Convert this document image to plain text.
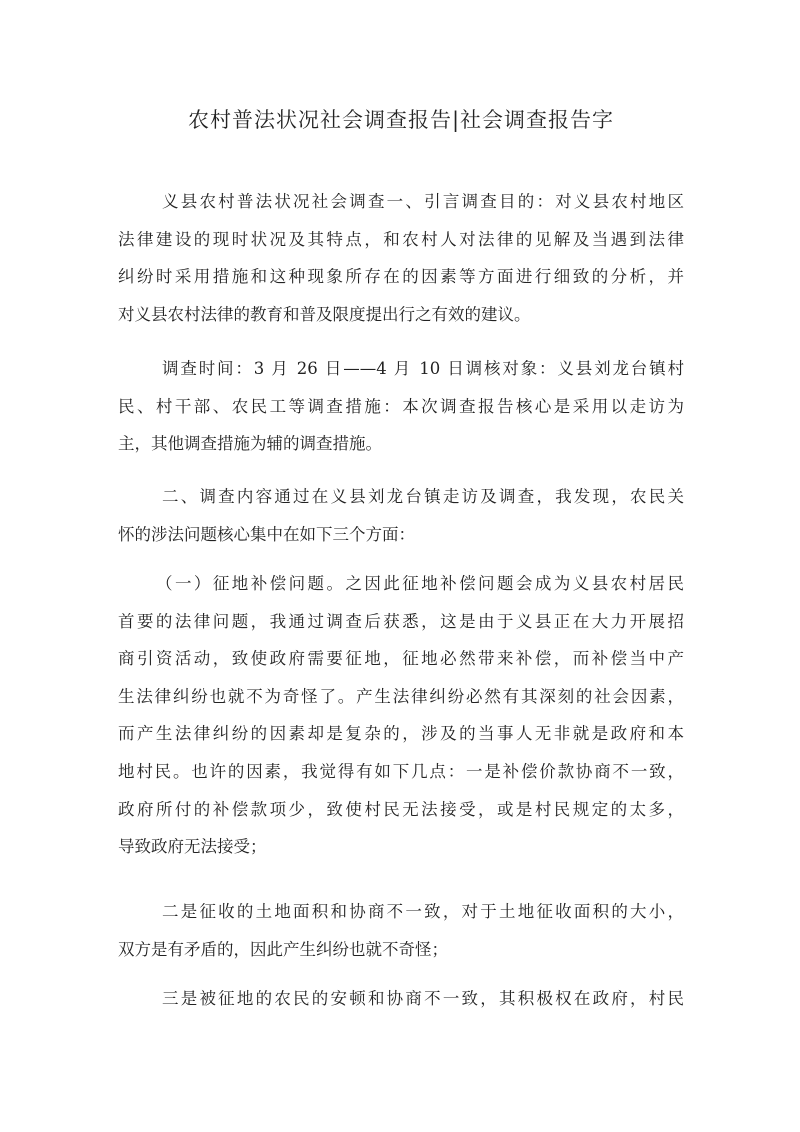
农村普法状况社会调查报告|社会调查报告字

义县农村普法状况社会调查一、引言调查目的：对义县农村地区
法律建设的现时状况及其特点，和农村人对法律的见解及当遇到法律
纠纷时采用措施和这种现象所存在的因素等方面进行细致的分析，并
对义县农村法律的教育和普及限度提出行之有效的建议。

调查时间：3 月 26 日——4 月 10 日调核对象：义县刘龙台镇村
民、村干部、农民工等调查措施：本次调查报告核心是采用以走访为
主，其他调查措施为辅的调查措施。

二、调查内容通过在义县刘龙台镇走访及调查，我发现，农民关
怀的涉法问题核心集中在如下三个方面：

（一）征地补偿问题。之因此征地补偿问题会成为义县农村居民
首要的法律问题，我通过调查后获悉，这是由于义县正在大力开展招
商引资活动，致使政府需要征地，征地必然带来补偿，而补偿当中产
生法律纠纷也就不为奇怪了。产生法律纠纷必然有其深刻的社会因素，
而产生法律纠纷的因素却是复杂的，涉及的当事人无非就是政府和本
地村民。也许的因素，我觉得有如下几点：一是补偿价款协商不一致，
政府所付的补偿款项少，致使村民无法接受，或是村民规定的太多，
导致政府无法接受；

二是征收的土地面积和协商不一致，对于土地征收面积的大小，
双方是有矛盾的，因此产生纠纷也就不奇怪；

三是被征地的农民的安顿和协商不一致，其积极权在政府，村民
